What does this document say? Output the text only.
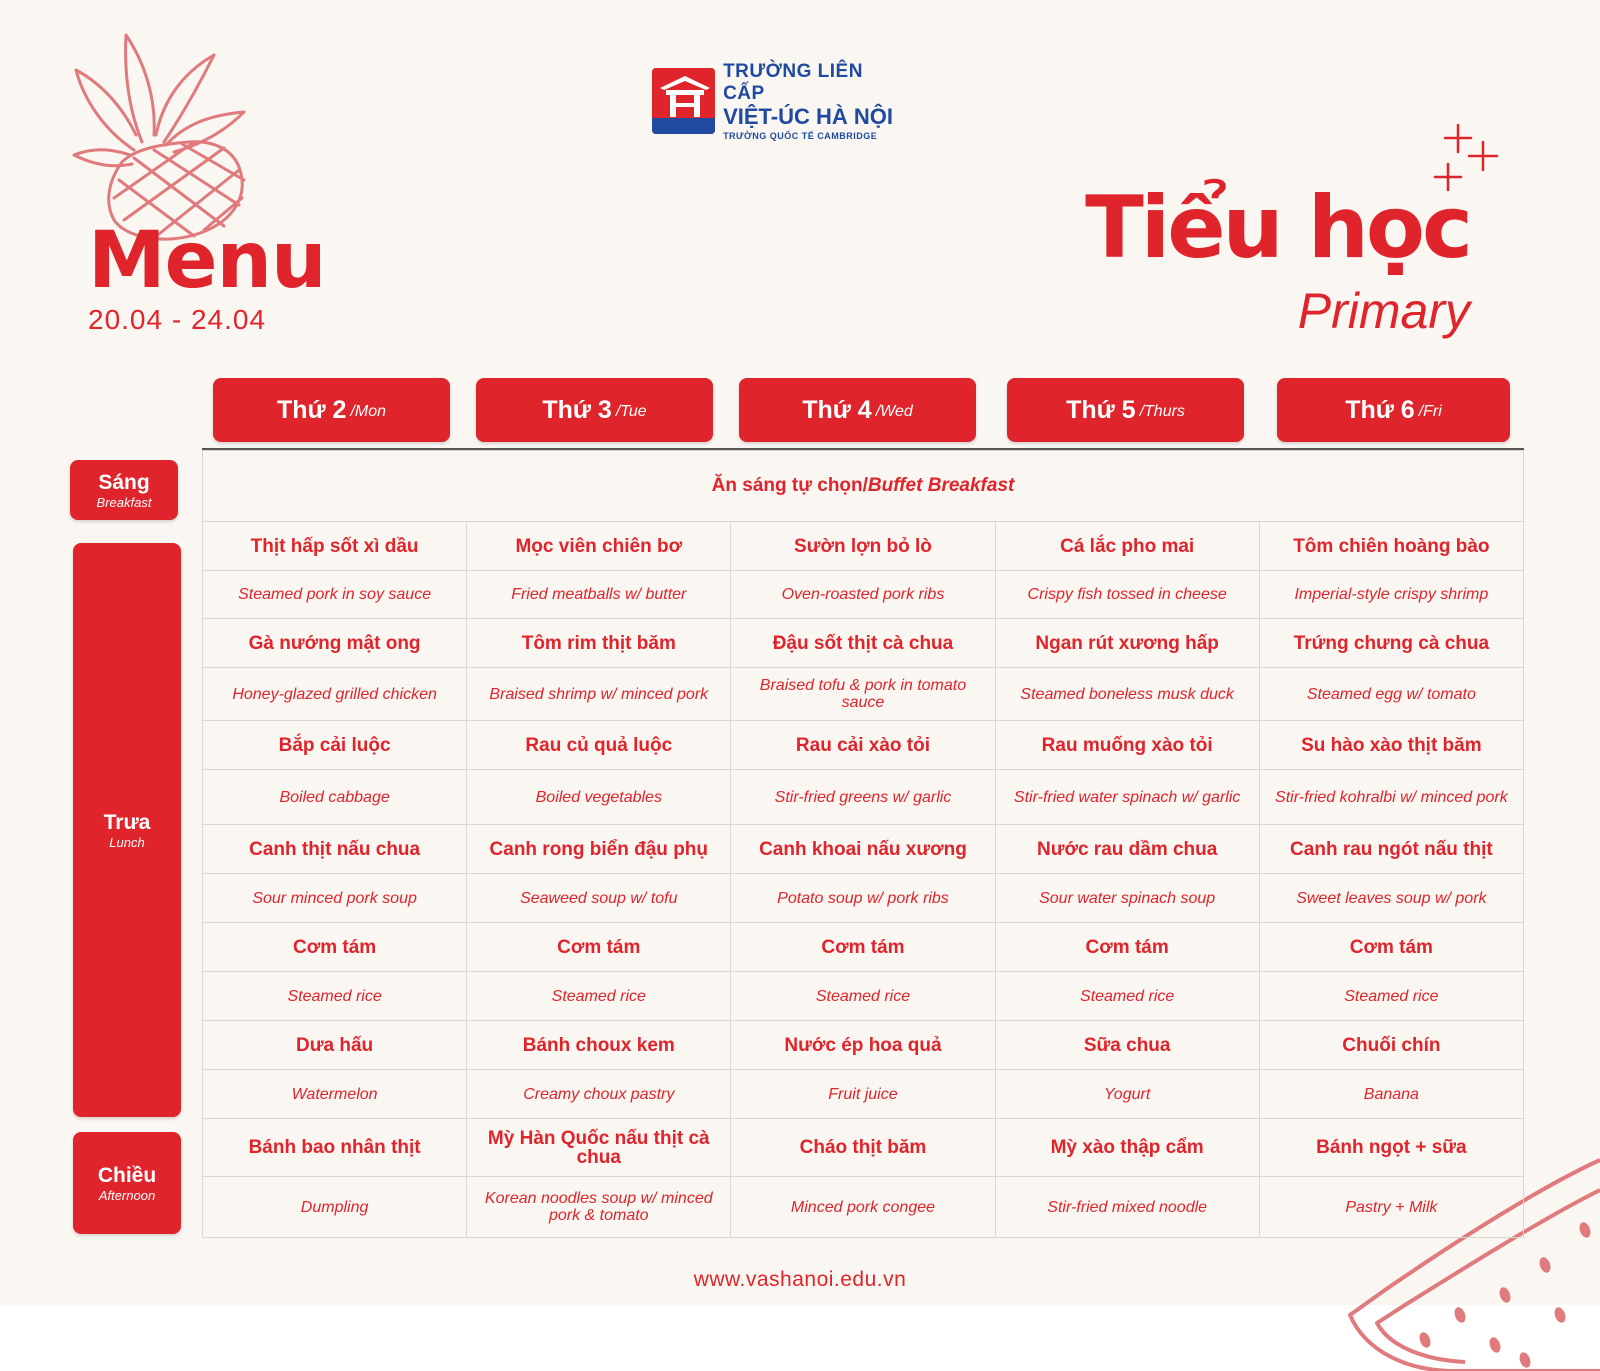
TRƯỜNG LIÊN CẤP
VIỆT-ÚC HÀ NỘI
TRƯỜNG QUỐC TẾ CAMBRIDGE
Menu
20.04 - 24.04
Tiểu học
Primary
Thứ 2 /Mon	Thứ 3 /Tue	Thứ 4 /Wed	Thứ 5 /Thurs	Thứ 6 /Fri
Sáng
Breakfast
Trưa
Lunch
Chiều
Afternoon
Ăn sáng tự chọn/Buffet Breakfast				
Thịt hấp sốt xì dầu	Mọc viên chiên bơ	Sườn lợn bỏ lò	Cá lắc pho mai	Tôm chiên hoàng bào
Steamed pork in soy sauce	Fried meatballs w/ butter	Oven-roasted pork ribs	Crispy fish tossed in cheese	Imperial-style crispy shrimp
Gà nướng mật ong	Tôm rim thịt băm	Đậu sốt thịt cà chua	Ngan rút xương hấp	Trứng chưng cà chua
Honey-glazed grilled chicken	Braised shrimp w/ minced pork	Braised tofu & pork in tomato sauce	Steamed boneless musk duck	Steamed egg w/ tomato
Bắp cải luộc	Rau củ quả luộc	Rau cải xào tỏi	Rau muống xào tỏi	Su hào xào thịt băm
Boiled cabbage	Boiled vegetables	Stir-fried greens w/ garlic	Stir-fried water spinach w/ garlic	Stir-fried kohralbi w/ minced pork
Canh thịt nấu chua	Canh rong biển đậu phụ	Canh khoai nấu xương	Nước rau dầm chua	Canh rau ngót nấu thịt
Sour minced pork soup	Seaweed soup w/ tofu	Potato soup w/ pork ribs	Sour water spinach soup	Sweet leaves soup w/ pork
Cơm tám	Cơm tám	Cơm tám	Cơm tám	Cơm tám
Steamed rice	Steamed rice	Steamed rice	Steamed rice	Steamed rice
Dưa hấu	Bánh choux kem	Nước ép hoa quả	Sữa chua	Chuối chín
Watermelon	Creamy choux pastry	Fruit juice	Yogurt	Banana
Bánh bao nhân thịt	Mỳ Hàn Quốc nấu thịt cà chua	Cháo thịt băm	Mỳ xào thập cẩm	Bánh ngọt + sữa
Dumpling	Korean noodles soup w/ minced pork & tomato	Minced pork congee	Stir-fried mixed noodle	Pastry + Milk
www.vashanoi.edu.vn
